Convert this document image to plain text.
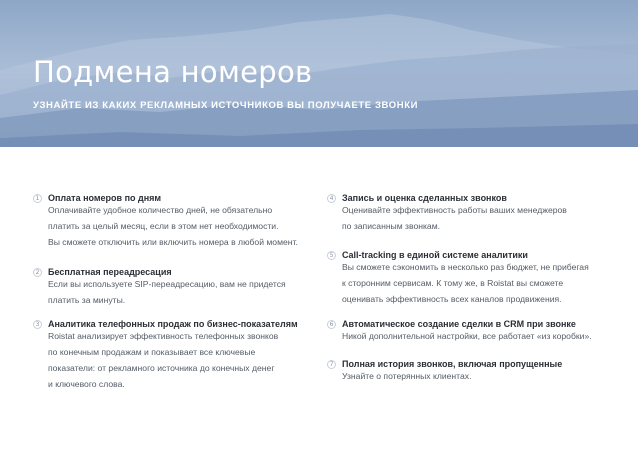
Подмена номеров
УЗНАЙТЕ ИЗ КАКИХ РЕКЛАМНЫХ ИСТОЧНИКОВ ВЫ ПОЛУЧАЕТЕ ЗВОНКИ
1 Оплата номеров по дням

Оплачивайте удобное количество дней, не обязательно

платить за целый месяц, если в этом нет необходимости.

Вы сможете отключить или включить номера в любой момент.

2 Бесплатная переадресация

Если вы используете SIP-переадресацию, вам не придется

платить за минуты.

3 Аналитика телефонных продаж по бизнес-показателям

Roistat анализирует эффективность телефонных звонков

по конечным продажам и показывает все ключевые

показатели: от рекламного источника до конечных денег

и ключевого слова.

4 Запись и оценка сделанных звонков

Оценивайте эффективность работы ваших менеджеров

по записанным звонкам.

5 Call-tracking в единой системе аналитики

Вы сможете сэкономить в несколько раз бюджет, не прибегая

к сторонним сервисам. К тому же, в Roistat вы сможете

оценивать эффективность всех каналов продвижения.

6 Автоматическое создание сделки в CRM при звонке

Никой дополнительной настройки, все работает «из коробки».

7 Полная история звонков, включая пропущенные

Узнайте о потерянных клиентах.
